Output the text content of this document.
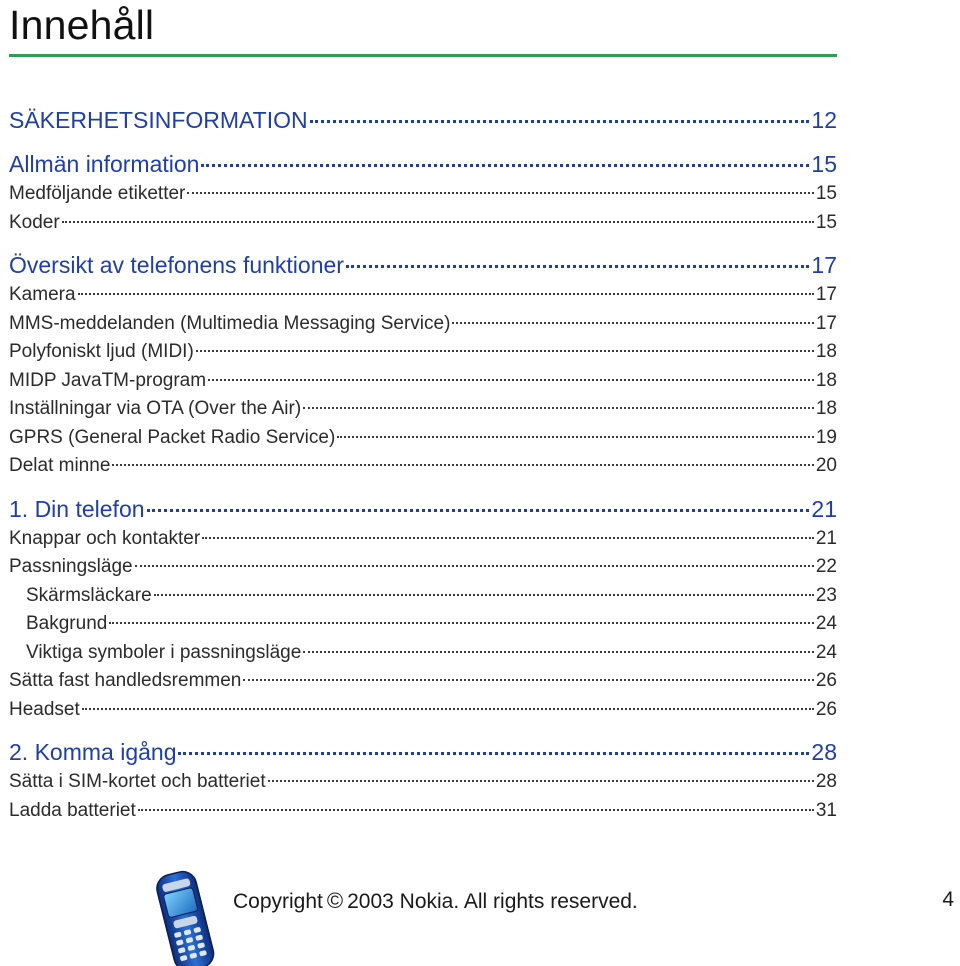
Innehåll
SÄKERHETSINFORMATION	12
Allmän information	15
Medföljande etiketter	15
Koder	15
Översikt av telefonens funktioner	17
Kamera	17
MMS-meddelanden (Multimedia Messaging Service)	17
Polyfoniskt ljud (MIDI)	18
MIDP JavaTM-program	18
Inställningar via OTA (Over the Air)	18
GPRS (General Packet Radio Service)	19
Delat minne	20
1. Din telefon	21
Knappar och kontakter	21
Passningsläge	22
Skärmsläckare	23
Bakgrund	24
Viktiga symboler i passningsläge	24
Sätta fast handledsremmen	26
Headset	26
2. Komma igång	28
Sätta i SIM-kortet och batteriet	28
Ladda batteriet	31
Copyright © 2003 Nokia. All rights reserved.	4
